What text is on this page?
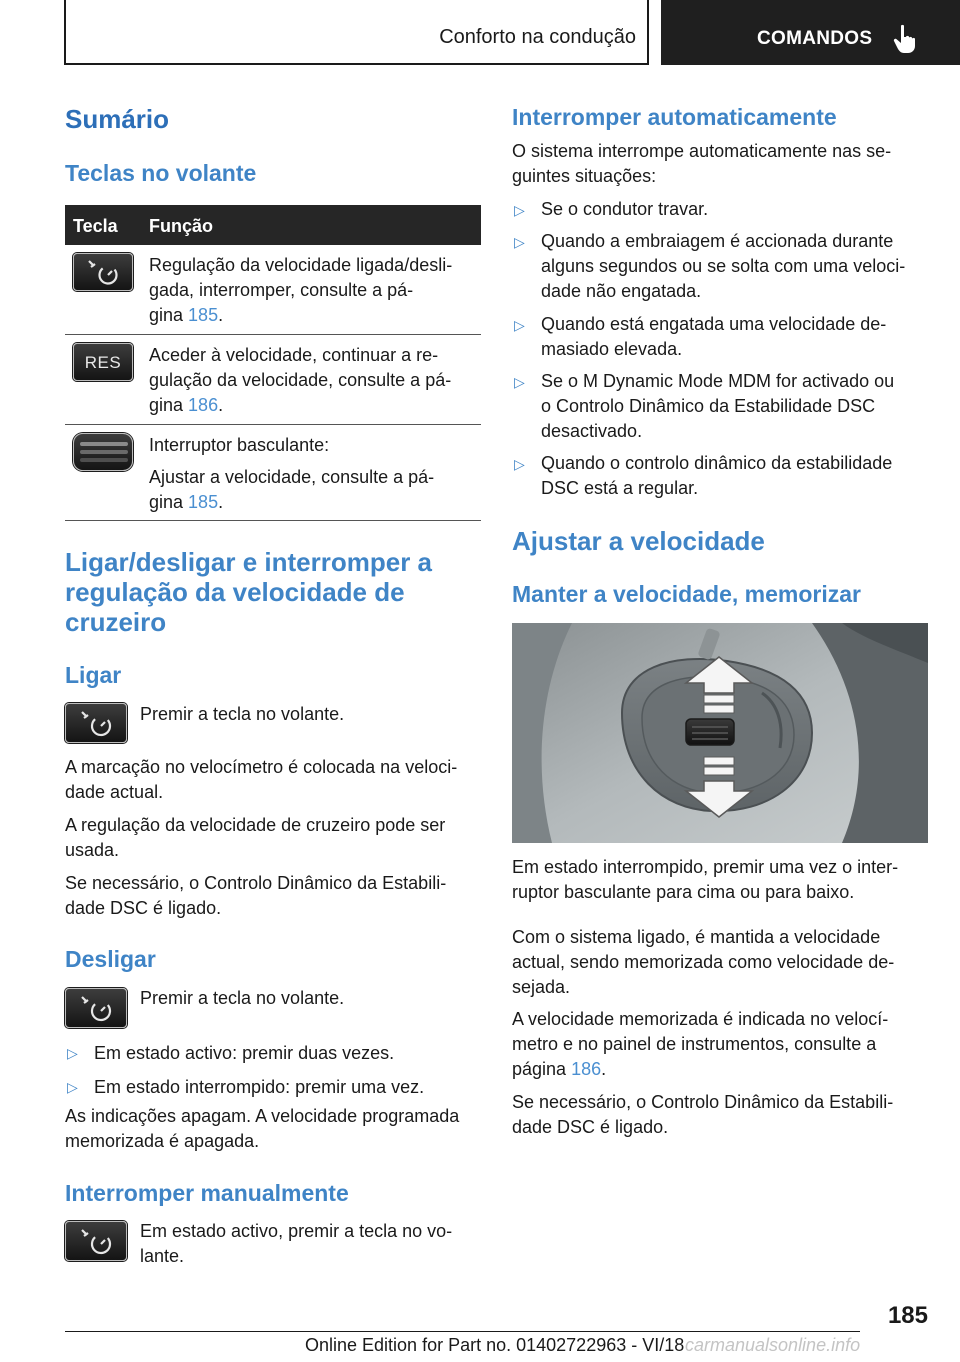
Conforto na condução	COMANDOS
Sumário
Teclas no volante
Tecla Função
Regulação da velocidade ligada/desli-
gada, interromper, consulte a pá-
gina 185.
RES	Aceder à velocidade, continuar a re-
gulação da velocidade, consulte a pá-
gina 186.
Interruptor basculante:
Ajustar a velocidade, consulte a pá-
gina 185.
Ligar/desligar e interromper a
regulação da velocidade de
cruzeiro
Ligar
Premir a tecla no volante.
A marcação no velocímetro é colocada na veloci-
dade actual.
A regulação da velocidade de cruzeiro pode ser
usada.
Se necessário, o Controlo Dinâmico da Estabili-
dade DSC é ligado.
Desligar
Premir a tecla no volante.
▷ Em estado activo: premir duas vezes.
▷ Em estado interrompido: premir uma vez.
As indicações apagam. A velocidade programada
memorizada é apagada.
Interromper manualmente
Em estado activo, premir a tecla no vo-
lante.
Interromper automaticamente
O sistema interrompe automaticamente nas se-
guintes situações:
▷ Se o condutor travar.
▷ Quando a embraiagem é accionada durante
alguns segundos ou se solta com uma veloci-
dade não engatada.
▷ Quando está engatada uma velocidade de-
masiado elevada.
▷ Se o M Dynamic Mode MDM for activado ou
o Controlo Dinâmico da Estabilidade DSC
desactivado.
▷ Quando o controlo dinâmico da estabilidade
DSC está a regular.
Ajustar a velocidade
Manter a velocidade, memorizar
Em estado interrompido, premir uma vez o inter-
ruptor basculante para cima ou para baixo.
Com o sistema ligado, é mantida a velocidade
actual, sendo memorizada como velocidade de-
sejada.
A velocidade memorizada é indicada no velocí-
metro e no painel de instrumentos, consulte a
página 186.
Se necessário, o Controlo Dinâmico da Estabili-
dade DSC é ligado.
185
Online Edition for Part no. 01402722963 - VI/18 carmanualsonline.info
